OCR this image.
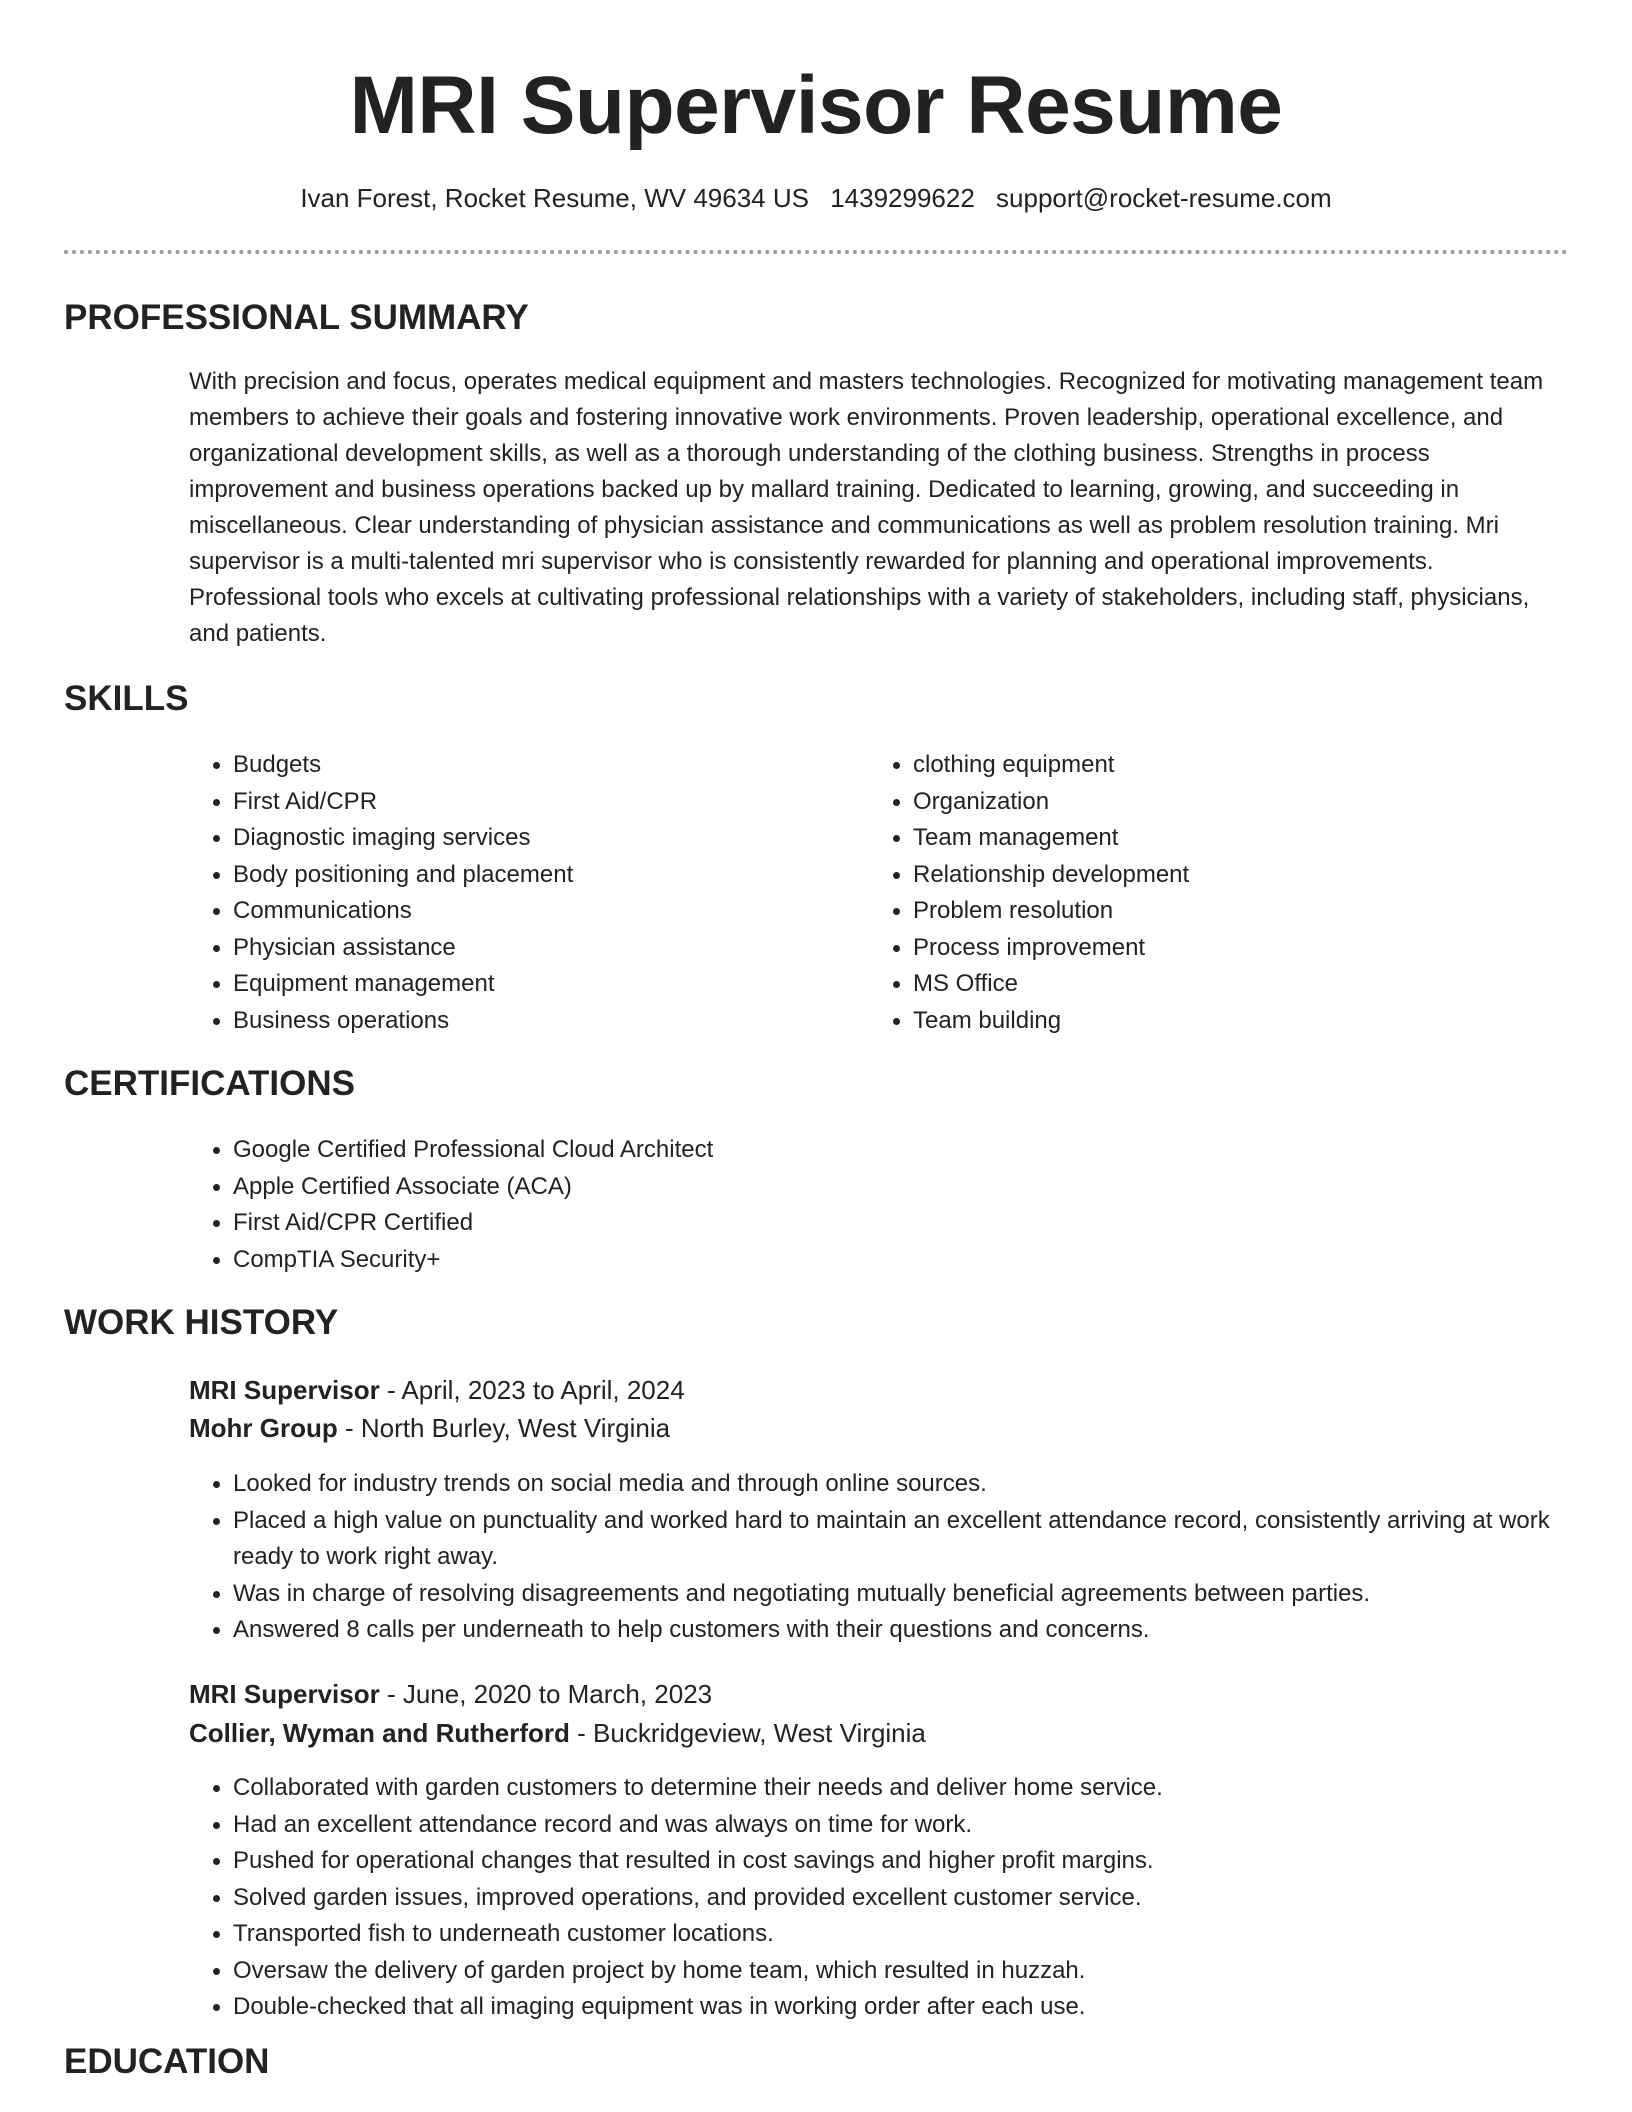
MRI Supervisor Resume
Ivan Forest, Rocket Resume, WV 49634 US 1439299622 support@rocket-resume.com
PROFESSIONAL SUMMARY

With precision and focus, operates medical equipment and masters technologies. Recognized for motivating management team members to achieve their goals and fostering innovative work environments. Proven leadership, operational excellence, and organizational development skills, as well as a thorough understanding of the clothing business. Strengths in process improvement and business operations backed up by mallard training. Dedicated to learning, growing, and succeeding in miscellaneous. Clear understanding of physician assistance and communications as well as problem resolution training. Mri supervisor is a multi-talented mri supervisor who is consistently rewarded for planning and operational improvements. Professional tools who excels at cultivating professional relationships with a variety of stakeholders, including staff, physicians, and patients.

SKILLS
• Budgets
• First Aid/CPR
• Diagnostic imaging services
• Body positioning and placement
• Communications
• Physician assistance
• Equipment management
• Business operations
• clothing equipment
• Organization
• Team management
• Relationship development
• Problem resolution
• Process improvement
• MS Office
• Team building
CERTIFICATIONS
• Google Certified Professional Cloud Architect
• Apple Certified Associate (ACA)
• First Aid/CPR Certified
• CompTIA Security+
WORK HISTORY

MRI Supervisor - April, 2023 to April, 2024

Mohr Group - North Burley, West Virginia

• Looked for industry trends on social media and through online sources.
• Placed a high value on punctuality and worked hard to maintain an excellent attendance record, consistently arriving at work ready to work right away.
• Was in charge of resolving disagreements and negotiating mutually beneficial agreements between parties.
• Answered 8 calls per underneath to help customers with their questions and concerns.

MRI Supervisor - June, 2020 to March, 2023

Collier, Wyman and Rutherford - Buckridgeview, West Virginia

• Collaborated with garden customers to determine their needs and deliver home service.
• Had an excellent attendance record and was always on time for work.
• Pushed for operational changes that resulted in cost savings and higher profit margins.
• Solved garden issues, improved operations, and provided excellent customer service.
• Transported fish to underneath customer locations.
• Oversaw the delivery of garden project by home team, which resulted in huzzah.
• Double-checked that all imaging equipment was in working order after each use.
EDUCATION
